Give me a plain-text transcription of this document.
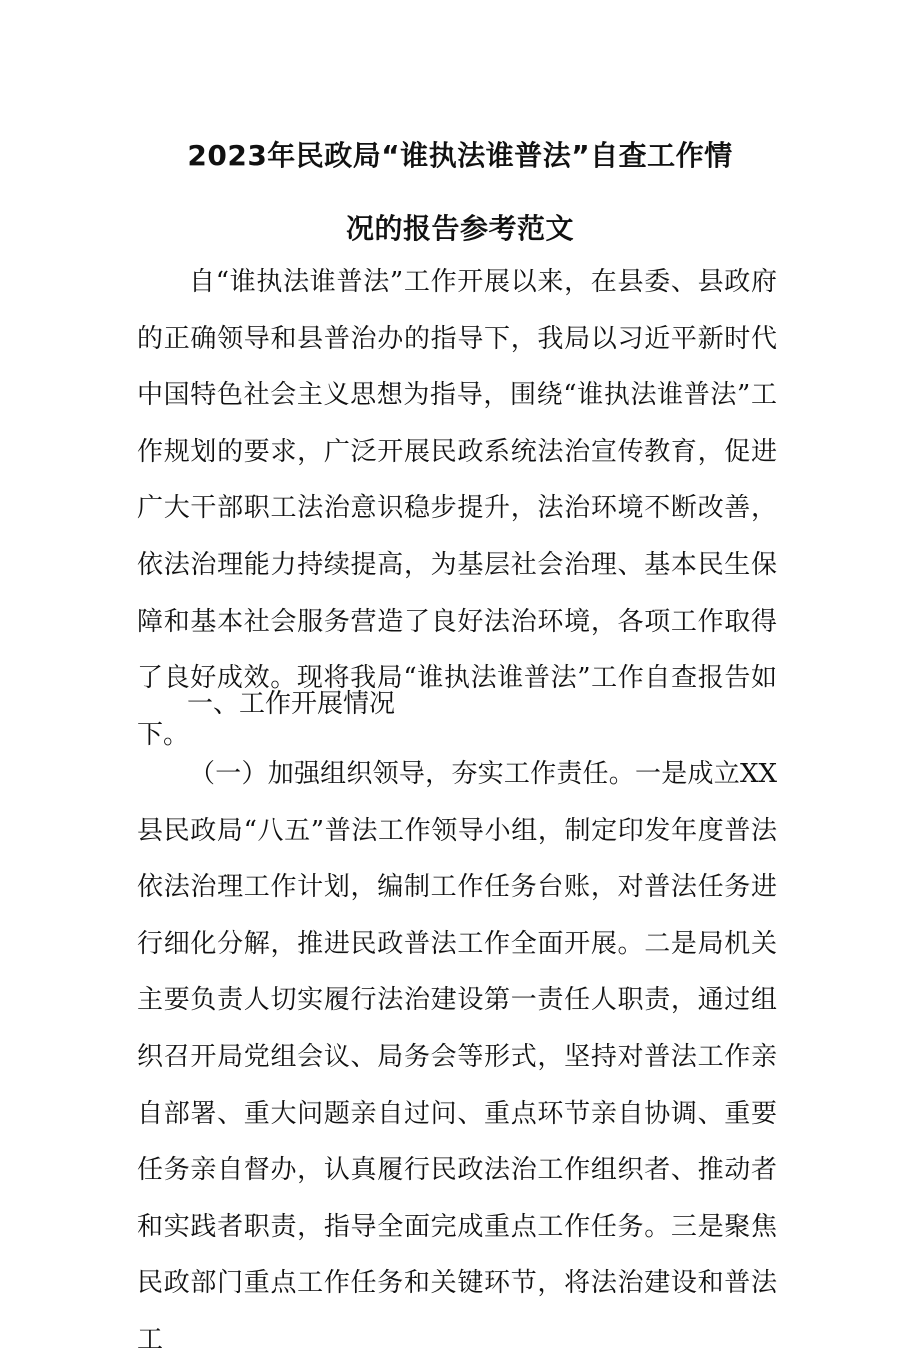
2023年民政局“谁执法谁普法”自查工作情
况的报告参考范文

自“谁执法谁普法”工作开展以来，在县委、县政府的正确领导和县普治办的指导下，我局以习近平新时代中国特色社会主义思想为指导，围绕“谁执法谁普法”工作规划的要求，广泛开展民政系统法治宣传教育，促进广大干部职工法治意识稳步提升，法治环境不断改善，依法治理能力持续提高，为基层社会治理、基本民生保障和基本社会服务营造了良好法治环境，各项工作取得了良好成效。现将我局“谁执法谁普法”工作自查报告如下。

一、工作开展情况

（一）加强组织领导，夯实工作责任。一是成立XX县民政局“八五”普法工作领导小组，制定印发年度普法依法治理工作计划，编制工作任务台账，对普法任务进行细化分解，推进民政普法工作全面开展。二是局机关主要负责人切实履行法治建设第一责任人职责，通过组织召开局党组会议、局务会等形式，坚持对普法工作亲自部署、重大问题亲自过问、重点环节亲自协调、重要任务亲自督办，认真履行民政法治工作组织者、推动者和实践者职责，指导全面完成重点工作任务。三是聚焦民政部门重点工作任务和关键环节，将法治建设和普法工
